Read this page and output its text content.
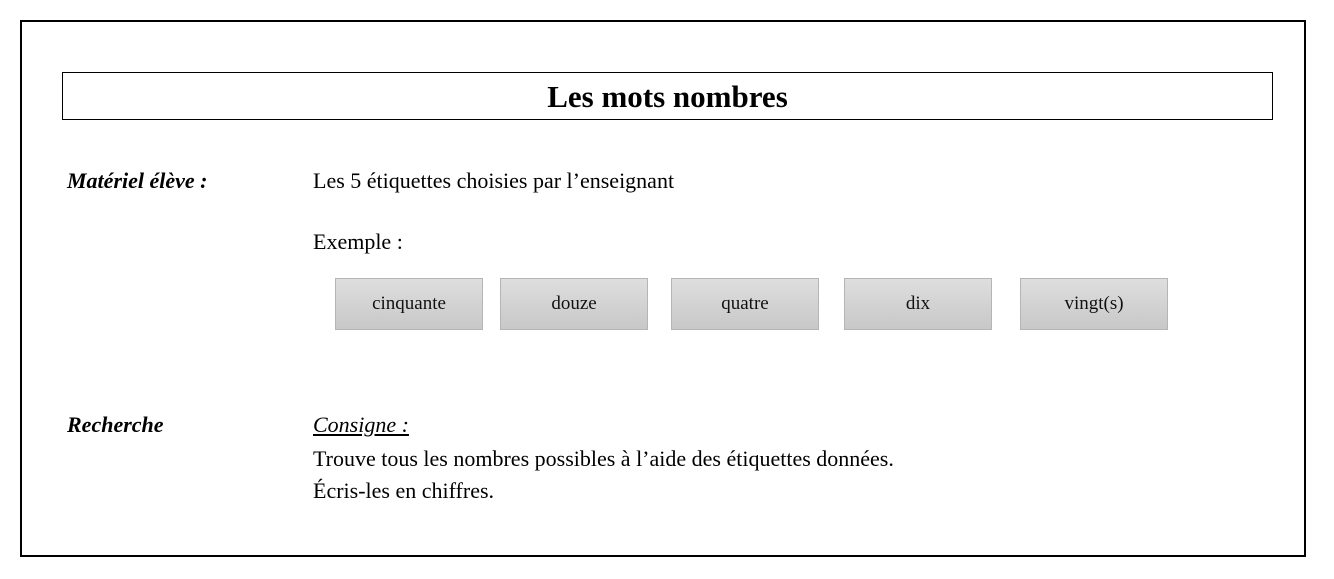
Les mots nombres
Matériel élève :	Les 5 étiquettes choisies par l’enseignant
Exemple :
cinquante	douze	quatre	dix	vingt(s)
Recherche	Consigne :
Trouve tous les nombres possibles à l’aide des étiquettes données.
Écris-les en chiffres.
